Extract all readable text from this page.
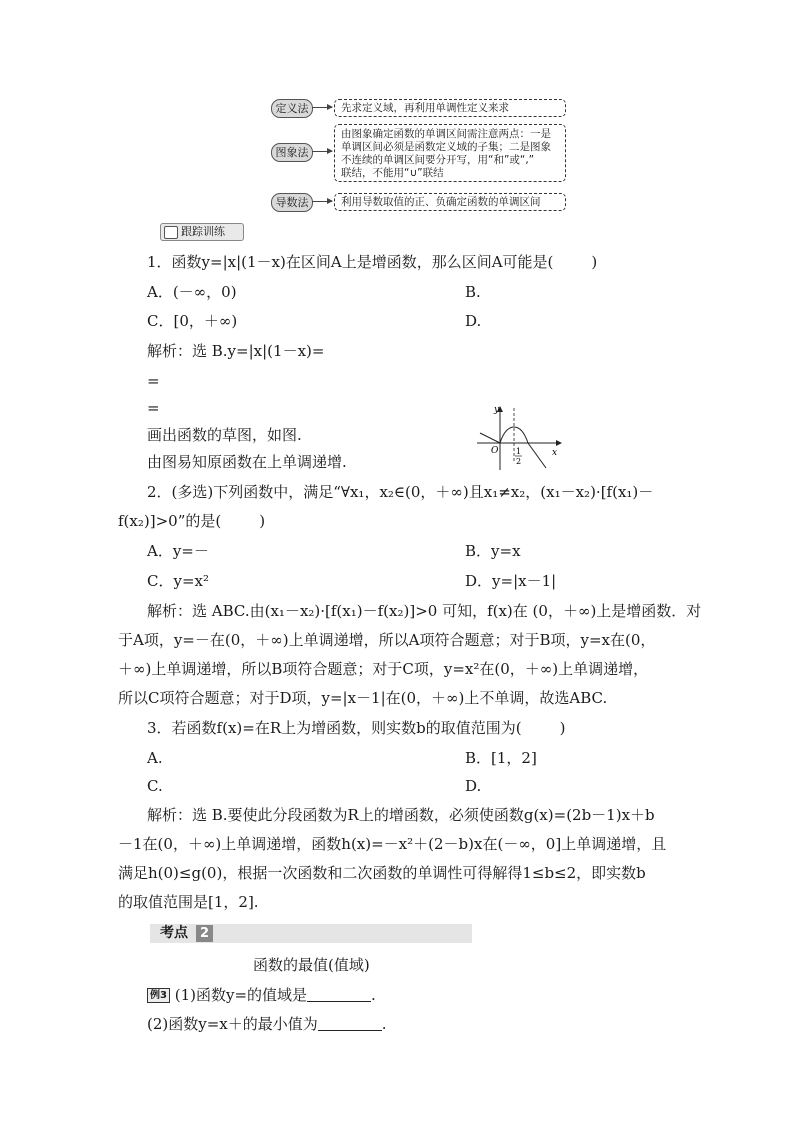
定义法	先求定义域，再利用单调性定义来求
图象法
由图象确定函数的单调区间需注意两点：一是
单调区间必须是函数定义域的子集；二是图象
不连续的单调区间要分开写，用“和”或“,”
联结，不能用“∪”联结
导数法	利用导数取值的正、负确定函数的单调区间
跟踪训练
1．函数y=|x|(1－x)在区间A上是增函数，那么区间A可能是(	)
A．(－∞，0)	B.
C．[0，＋∞)	D.
解析：选 B.y=|x|(1－x)=
=
=
画出函数的草图，如图.
由图易知原函数在上单调递增.
y
x
O 1
2
2．(多选)下列函数中，满足“∀x₁，x₂∈(0，＋∞)且x₁≠x₂，(x₁－x₂)·[f(x₁)－
f(x₂)]>0”的是(	)
A．y=－	B．y=x
C．y=x²	D．y=|x－1|
解析：选 ABC.由(x₁－x₂)·[f(x₁)－f(x₂)]>0 可知，f(x)在 (0，＋∞)上是增函数．对
于A项，y=－在(0，＋∞)上单调递增，所以A项符合题意；对于B项，y=x在(0，
＋∞)上单调递增，所以B项符合题意；对于C项，y=x²在(0，＋∞)上单调递增，
所以C项符合题意；对于D项，y=|x－1|在(0，＋∞)上不单调，故选ABC.
3．若函数f(x)=在R上为增函数，则实数b的取值范围为(	)
A.	B．[1，2]
C.	D.
解析：选 B.要使此分段函数为R上的增函数，必须使函数g(x)=(2b－1)x＋b
－1在(0，＋∞)上单调递增，函数h(x)=－x²＋(2－b)x在(－∞，0]上单调递增，且
满足h(0)≤g(0)，根据一次函数和二次函数的单调性可得解得1≤b≤2，即实数b
的取值范围是[1，2].
考点 2
函数的最值(值域)
例3 (1)函数y=的值域是	.
(2)函数y=x＋的最小值为	.
